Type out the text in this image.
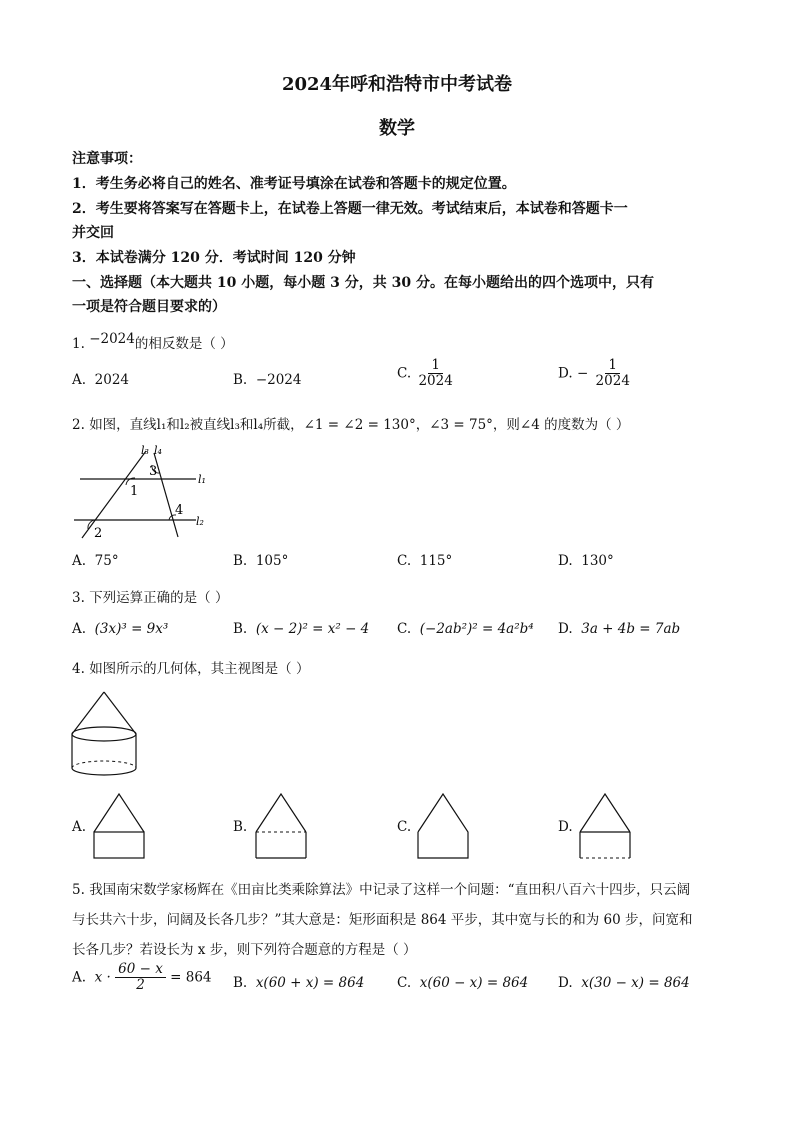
2024年呼和浩特市中考试卷
数学
注意事项：
1．考生务必将自己的姓名、准考证号填涂在试卷和答题卡的规定位置。
2．考生要将答案写在答题卡上，在试卷上答题一律无效。考试结束后，本试卷和答题卡一
并交回
3．本试卷满分 120 分．考试时间 120 分钟
一、选择题（本大题共 10 小题，每小题 3 分，共 30 分。在每小题给出的四个选项中，只有
一项是符合题目要求的）
1. −2024的相反数是（ ）
A. 2024	B. −2024	C. $\frac{1}{2024}$	D. − $\frac{1}{2024}$
2. 如图，直线l₁和l₂被直线l₃和l₄所截，∠1 = ∠2 = 130°，∠3 = 75°，则∠4 的度数为（ ）
l₃ l₄
3
l₁
1
4
l₂
2
A. 75°	B. 105°	C. 115°	D. 130°
3. 下列运算正确的是（ ）
A. (3x)³ = 9x³	B. (x − 2)² = x² − 4 C. (−2ab²)² = 4a²b⁴ D. 3a + 4b = 7ab
4. 如图所示的几何体，其主视图是（ ）
A.	B.	C.	D.
5. 我国南宋数学家杨辉在《田亩比类乘除算法》中记录了这样一个问题：“直田积八百六十四步，只云阔
与长共六十步，问阔及长各几步？”其大意是：矩形面积是 864 平步，其中宽与长的和为 60 步，问宽和
长各几步？若设长为 x 步，则下列符合题意的方程是（ ）
A. $x \cdot \frac{60 - x}{2} = 864$ B. x(60 + x) = 864 C. x(60 − x) = 864 D. x(30 − x) = 864
